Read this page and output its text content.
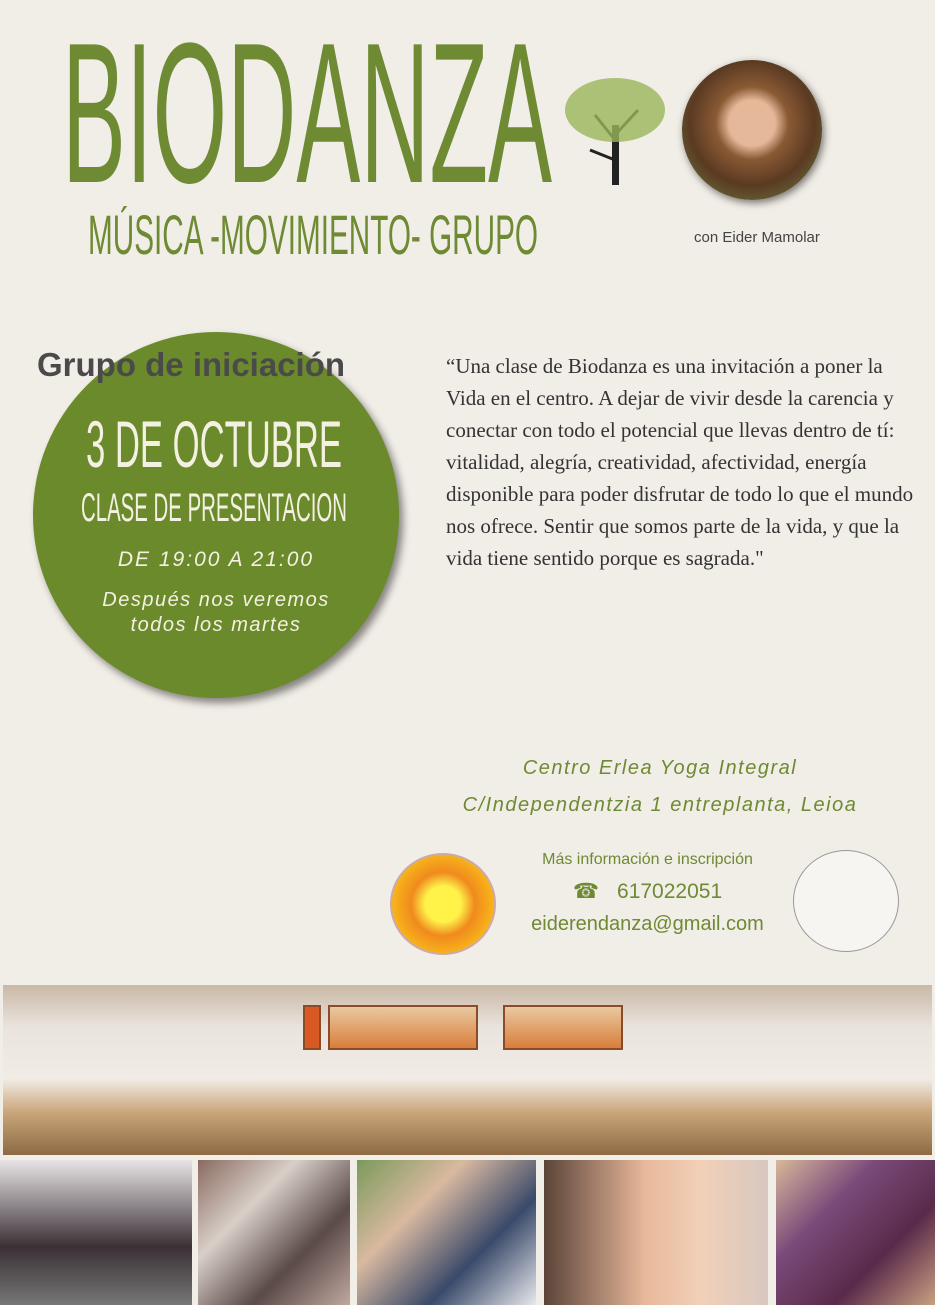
BIODANZA
MÚSICA -MOVIMIENTO- GRUPO	con Eider Mamolar
3 DE OCTUBRE
CLASE DE PRESENTACION
DE 19:00 A 21:00
Después nos veremos
todos los martes
Grupo de iniciación	“Una clase de Biodanza es una invitación a poner la Vida en el centro. A dejar de vivir desde la carencia y conectar con todo el potencial que llevas dentro de tí: vitalidad, alegría, creatividad, afectividad, energía disponible para poder disfrutar de todo lo que el mundo nos ofrece. Sentir que somos parte de la vida, y que la vida tiene sentido porque es sagrada."
Centro Erlea Yoga Integral
C/Independentzia 1 entreplanta, Leioa
Más información e inscripción
☎ 617022051
eiderendanza@gmail.com
